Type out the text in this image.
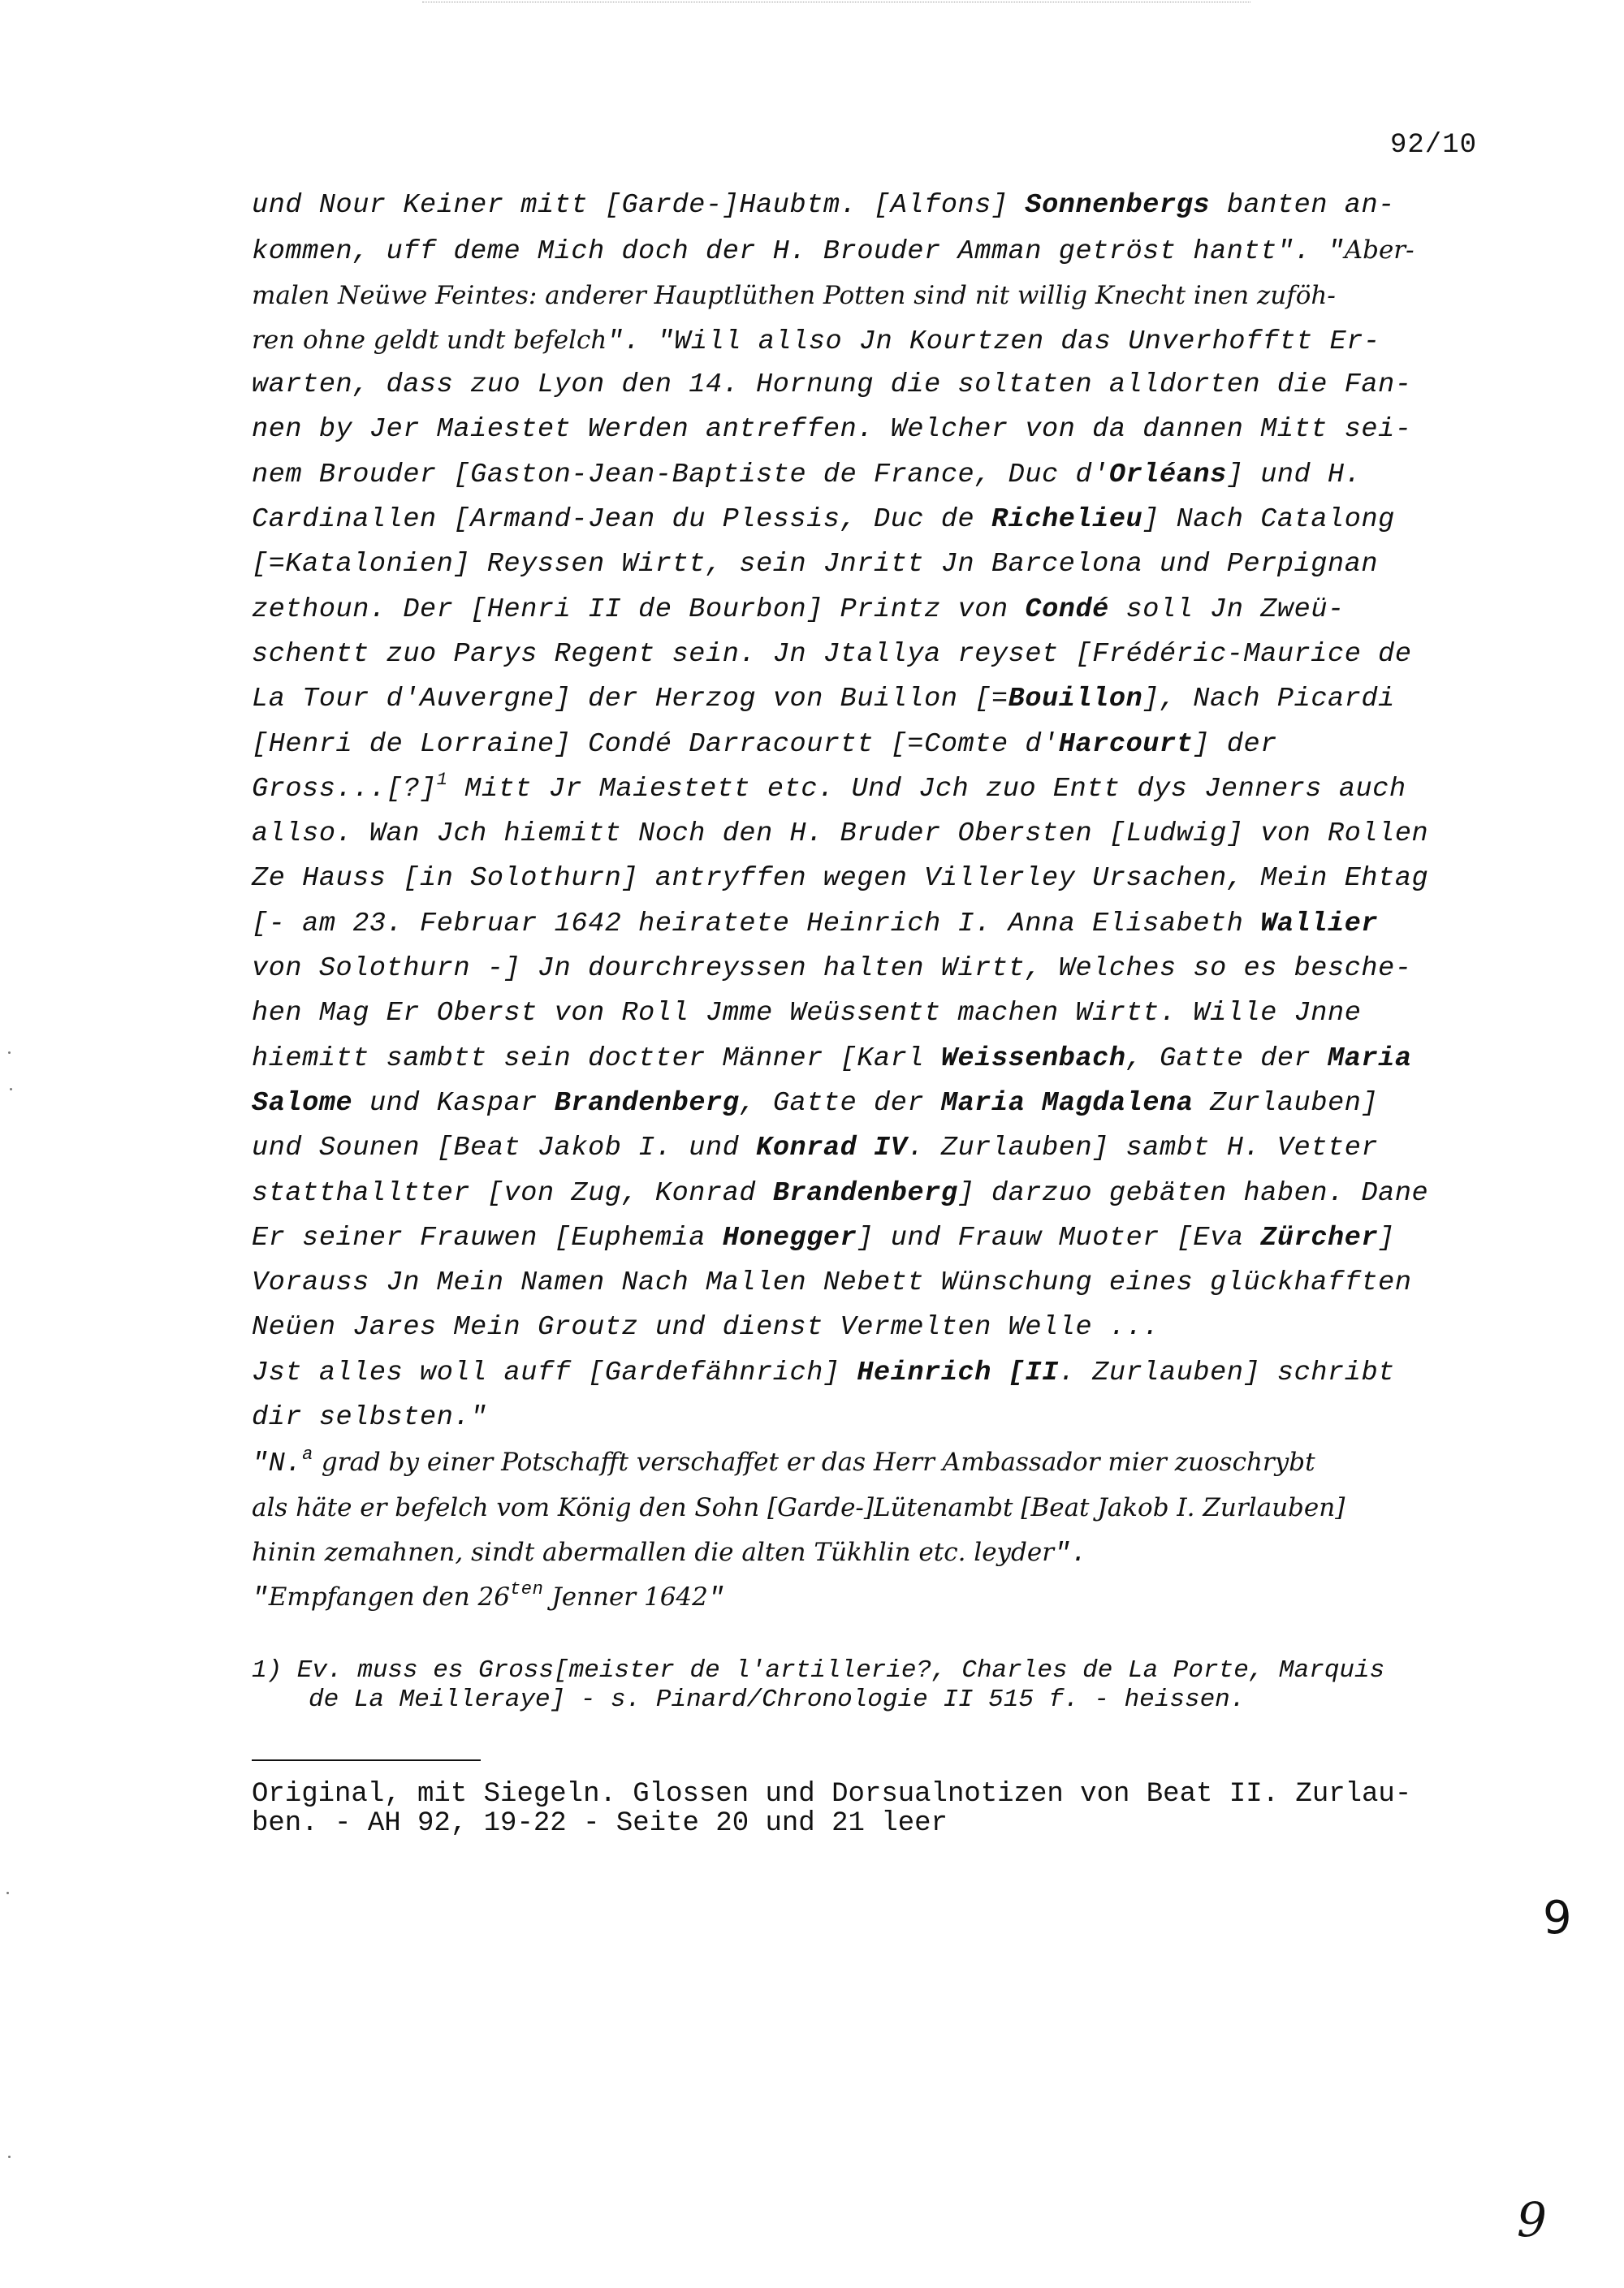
92/10
und Nour Keiner mitt [Garde-]Haubtm. [Alfons] Sonnenbergs banten an-
kommen, uff deme Mich doch der H. Brouder Amman getröst hantt". "Aber-
malen Neüwe Feintes: anderer Hauptlüthen Potten sind nit willig Knecht inen zuföh-
ren ohne geldt undt befelch". "Will allso Jn Kourtzen das Unverhofftt Er-
warten, dass zuo Lyon den 14. Hornung die soltaten alldorten die Fan-
nen by Jer Maiestet Werden antreffen. Welcher von da dannen Mitt sei-
nem Brouder [Gaston-Jean-Baptiste de France, Duc d'Orléans] und H.
Cardinallen [Armand-Jean du Plessis, Duc de Richelieu] Nach Catalong
[=Katalonien] Reyssen Wirtt, sein Jnritt Jn Barcelona und Perpignan
zethoun. Der [Henri II de Bourbon] Printz von Condé soll Jn Zweü-
schentt zuo Parys Regent sein. Jn Jtallya reyset [Frédéric-Maurice de
La Tour d'Auvergne] der Herzog von Buillon [=Bouillon], Nach Picardi
[Henri de Lorraine] Condé Darracourtt [=Comte d'Harcourt] der
Gross...[?]$^1$ Mitt Jr Maiestett etc. Und Jch zuo Entt dys Jenners auch
allso. Wan Jch hiemitt Noch den H. Bruder Obersten [Ludwig] von Rollen
Ze Hauss [in Solothurn] antryffen wegen Villerley Ursachen, Mein Ehtag
[- am 23. Februar 1642 heiratete Heinrich I. Anna Elisabeth Wallier
von Solothurn -] Jn dourchreyssen halten Wirtt, Welches so es besche-
hen Mag Er Oberst von Roll Jmme Weüssentt machen Wirtt. Wille Jnne
hiemitt sambtt sein doctter Männer [Karl Weissenbach, Gatte der Maria
Salome und Kaspar Brandenberg, Gatte der Maria Magdalena Zurlauben]
und Sounen [Beat Jakob I. und Konrad IV. Zurlauben] sambt H. Vetter
statthalltter [von Zug, Konrad Brandenberg] darzuo gebäten haben. Dane
Er seiner Frauwen [Euphemia Honegger] und Frauw Muoter [Eva Zürcher]
Vorauss Jn Mein Namen Nach Mallen Nebett Wünschung eines glückhafften
Neüen Jares Mein Groutz und dienst Vermelten Welle ...
Jst alles woll auff [Gardefähnrich] Heinrich [II. Zurlauben] schribt
dir selbsten."
"N.$^a$ grad by einer Potschafft verschaffet er das Herr Ambassador mier zuoschrybt
als häte er befelch vom König den Sohn [Garde-]Lütenambt [Beat Jakob I. Zurlauben]
hinin zemahnen, sindt abermallen die alten Tükhlin etc. leyder".
"Empfangen den $26^{ten}$ Jenner 1642"
1) Ev. muss es Gross[meister de l'artillerie?, Charles de La Porte, Marquis
de La Meilleraye] - s. Pinard/Chronologie II 515 f. - heissen.
Original, mit Siegeln. Glossen und Dorsualnotizen von Beat II. Zurlau-
ben. - AH 92, 19-22 - Seite 20 und 21 leer
9
9
